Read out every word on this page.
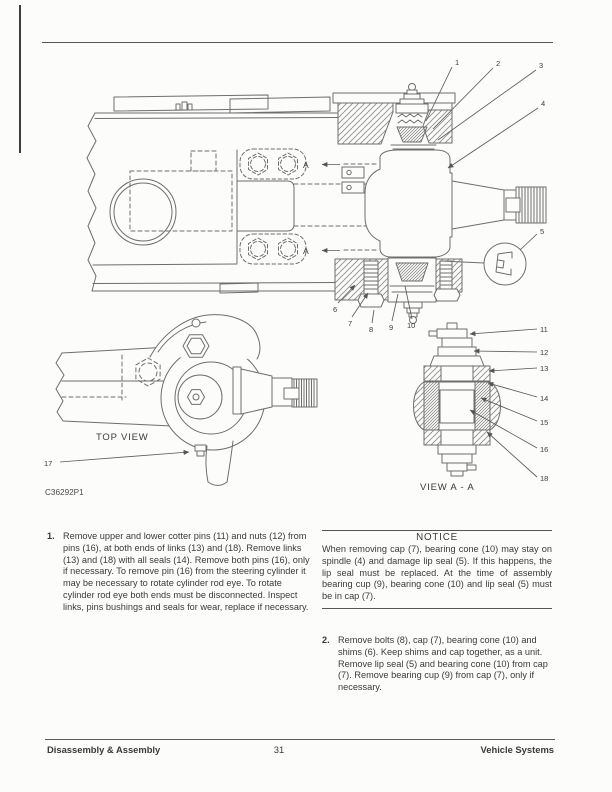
1	2	3
4
5
6
7
8 9 10	11
12
13
14
15
16
18
17
A
A
TOP VIEW
VIEW A - A
C36292P1
1. Remove upper and lower cotter pins (11) and nuts (12) from pins (16), at both ends of links (13) and (18). Remove links (13) and (18) with all seals (14). Remove both pins (16), only if necessary. To remove pin (16) from the steering cylinder it may be necessary to rotate cylinder rod eye. To rotate cylinder rod eye both ends must be disconnected. Inspect links, pins bushings and seals for wear, replace if necessary.
NOTICE
When removing cap (7), bearing cone (10) may stay on spindle (4) and damage lip seal (5). If this happens, the lip seal must be replaced. At the time of assembly bearing cup (9), bearing cone (10) and lip seal (5) must be in cap (7).
2. Remove bolts (8), cap (7), bearing cone (10) and shims (6). Keep shims and cap together, as a unit. Remove lip seal (5) and bearing cone (10) from cap (7). Remove bearing cup (9) from cap (7), only if necessary.
Disassembly & Assembly	31	Vehicle Systems
